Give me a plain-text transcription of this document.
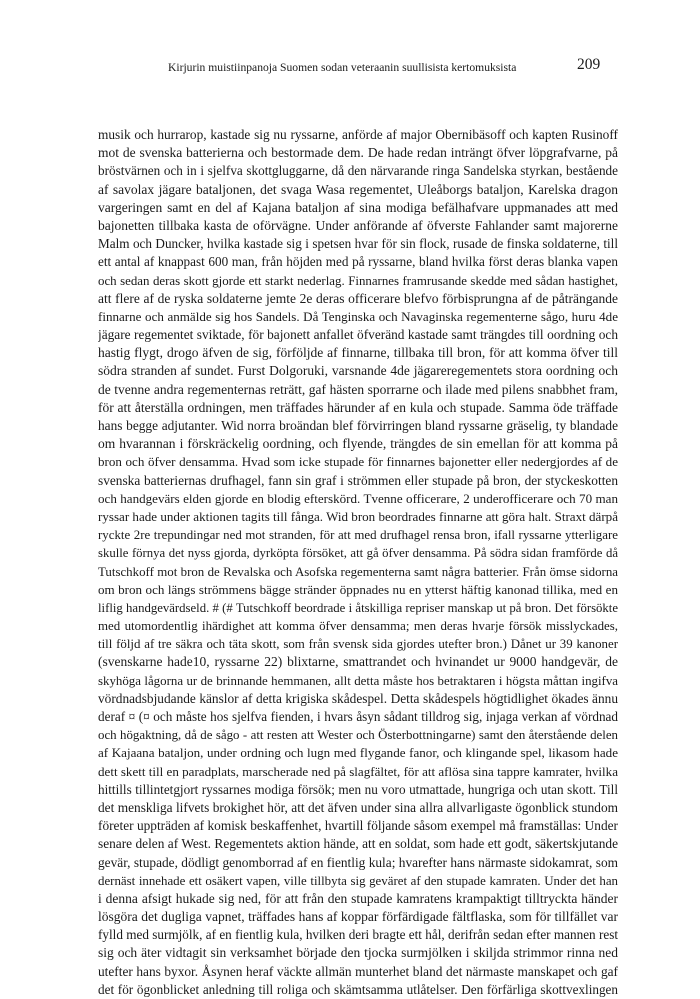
Kirjurin muistiinpanoja Suomen sodan veteraanin suullisista kertomuksista	209
musik och hurrarop, kastade sig nu ryssarne, anförde af major Obernibäsoff och kapten Rusinoff
mot de svenska batterierna och bestormade dem. De hade redan inträngt öfver löpgrafvarne, på
bröstvärnen och in i sjelfva skottgluggarne, då den närvarande ringa Sandelska styrkan, bestående
af savolax jägare bataljonen, det svaga Wasa regementet, Uleåborgs bataljon, Karelska dragon
vargeringen samt en del af Kajana bataljon af sina modiga befälhafvare uppmanades att med
bajonetten tillbaka kasta de oförvägne. Under anförande af öfverste Fahlander samt majorerne
Malm och Duncker, hvilka kastade sig i spetsen hvar för sin flock, rusade de finska soldaterne, till
ett antal af knappast 600 man, från höjden med på ryssarne, bland hvilka först deras blanka vapen
och sedan deras skott gjorde ett starkt nederlag. Finnarnes framrusande skedde med sådan hastighet,
att flere af de ryska soldaterne jemte 2e deras officerare blefvo förbisprungna af de påträngande
finnarne och anmälde sig hos Sandels. Då Tenginska och Navaginska regementerne sågo, huru 4de
jägare regementet sviktade, för bajonett anfallet öfveränd kastade samt trängdes till oordning och
hastig flygt, drogo äfven de sig, förföljde af finnarne, tillbaka till bron, för att komma öfver till
södra stranden af sundet. Furst Dolgoruki, varsnande 4de jägareregementets stora oordning och
de tvenne andra regementernas reträtt, gaf hästen sporrarne och ilade med pilens snabbhet fram,
för att återställa ordningen, men träffades härunder af en kula och stupade. Samma öde träffade
hans begge adjutanter. Wid norra broändan blef förvirringen bland ryssarne gräselig, ty blandade
om hvarannan i förskräckelig oordning, och flyende, trängdes de sin emellan för att komma på
bron och öfver densamma. Hvad som icke stupade för finnarnes bajonetter eller nedergjordes af de
svenska batteriernas drufhagel, fann sin graf i strömmen eller stupade på bron, der styckeskotten
och handgevärs elden gjorde en blodig efterskörd. Tvenne officerare, 2 underofficerare och 70 man
ryssar hade under aktionen tagits till fånga. Wid bron beordrades finnarne att göra halt. Straxt därpå
ryckte 2re trepundingar ned mot stranden, för att med drufhagel rensa bron, ifall ryssarne ytterligare
skulle förnya det nyss gjorda, dyrköpta försöket, att gå öfver densamma. På södra sidan framförde då
Tutschkoff mot bron de Revalska och Asofska regementerna samt några batterier. Från ömse sidorna
om bron och längs strömmens bägge stränder öppnades nu en ytterst häftig kanonad tillika, med en
liflig handgevärdseld. # (# Tutschkoff beordrade i åtskilliga repriser manskap ut på bron. Det försökte
med utomordentlig ihärdighet att komma öfver densamma; men deras hvarje försök misslyckades,
till följd af tre säkra och täta skott, som från svensk sida gjordes utefter bron.) Dånet ur 39 kanoner
(svenskarne hade10, ryssarne 22) blixtarne, smattrandet och hvinandet ur 9000 handgevär, de
skyhöga lågorna ur de brinnande hemmanen, allt detta måste hos betraktaren i högsta måttan ingifva
vördnadsbjudande känslor af detta krigiska skådespel. Detta skådespels högtidlighet ökades ännu
deraf ¤ (¤ och måste hos sjelfva fienden, i hvars åsyn sådant tilldrog sig, injaga verkan af vördnad
och högaktning, då de sågo - att resten att Wester och Österbottningarne) samt den återstående delen
af Kajaana bataljon, under ordning och lugn med flygande fanor, och klingande spel, likasom hade
dett skett till en paradplats, marscherade ned på slagfältet, för att aflösa sina tappre kamrater, hvilka
hittills tillintetgjort ryssarnes modiga försök; men nu voro utmattade, hungriga och utan skott. Till
det menskliga lifvets brokighet hör, att det äfven under sina allra allvarligaste ögonblick stundom
företer uppträden af komisk beskaffenhet, hvartill följande såsom exempel må framställas: Under
senare delen af West. Regementets aktion hände, att en soldat, som hade ett godt, säkertskjutande
gevär, stupade, dödligt genomborrad af en fientlig kula; hvarefter hans närmaste sidokamrat, som
dernäst innehade ett osäkert vapen, ville tillbyta sig geväret af den stupade kamraten. Under det han
i denna afsigt hukade sig ned, för att från den stupade kamratens krampaktigt tilltryckta händer
lösgöra det dugliga vapnet, träffades hans af koppar förfärdigade fältflaska, som för tillfället var
fylld med surmjölk, af en fientlig kula, hvilken deri bragte ett hål, derifrån sedan efter mannen rest
sig och äter vidtagit sin verksamhet började den tjocka surmjölken i skiljda strimmor rinna ned
utefter hans byxor. Åsynen heraf väckte allmän munterhet bland det närmaste manskapet och gaf
det för ögonblicket anledning till roliga och skämtsamma utlåtelser. Den förfärliga skottvexlingen
